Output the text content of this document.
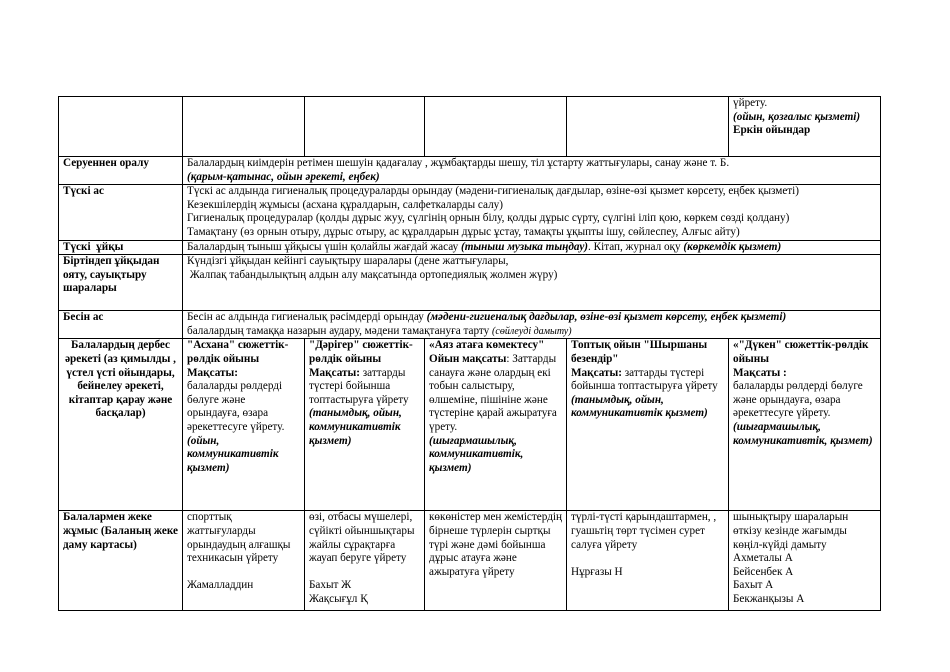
					үйрету.
(ойын, қозғалыс қызметі)
Еркін ойындар

Серуеннен оралу	Балалардың киімдерін ретімен шешуін қадағалау , жұмбақтарды шешу, тіл ұстарту жаттығулары, санау және т. Б.
(қарым-қатынас, ойын әрекеті, еңбек)				

Түскі ас	Түскі ас алдында гигиеналық процедураларды орындау (мәдени-гигиеналық дағдылар, өзіне-өзі қызмет көрсету, еңбек қызметі)
Кезекшілердің жұмысы (асхана құралдарын, салфеткаларды салу)
Гигиеналық процедуралар (қолды дұрыс жуу, сүлгінің орнын білу, қолды дұрыс сүрту, сүлгіні іліп қою, көркем сөзді қолдану)
Тамақтану (өз орнын отыру, дұрыс отыру, ас құралдарын дұрыс ұстау, тамақты ұқыпты ішу, сөйлеспеу, Алғыс айту)				

Түскі  ұйқы	Балалардың тыныш ұйқысы үшін қолайлы жағдай жасау (тыныш музыка тыңдау). Кітап, журнал оқу (көркемдік қызмет)				
Біртіндеп ұйқыдан ояту, сауықтыру шаралары	Күндізгі ұйқыдан кейінгі сауықтыру шаралары (дене жаттығулары,
Жалпақ табандылықтың алдын алу мақсатында ортопедиялық жолмен жүру)				

Бесін ас	Бесін ас алдында гигиеналық рәсімдерді орындау (мәдени-гигиеналық дағдылар, өзіне-өзі қызмет көрсету, еңбек қызметі)
балалардың тамаққа назарын аудару, мәдени тамақтануға тарту (сөйлеуді дамыту)				

Балалардың дербес әрекеті (аз қимылды , үстел үсті ойындары, бейнелеу әрекеті, кітаптар қарау және басқалар)	"Асхана" сюжеттік-рөлдік ойыны
Мақсаты:
балаларды рөлдерді бөлуге және орындауға, өзара әрекеттесуге үйрету.
(ойын, коммуникативтік қызмет)	"Дәрігер" сюжеттік-рөлдік ойыны
Мақсаты: заттарды түстері бойынша топтастыруға үйрету
(танымдық, ойын, коммуникативтік қызмет)	«Аяз атаға көмектесу"
Ойын мақсаты: Заттарды санауға және олардың екі тобын салыстыру, өлшеміне, пішініне және түстеріне қарай ажыратуға үрету.
(шығармашылық, коммуникативтік, қызмет)	Топтық ойын "Шыршаны безендір"
Мақсаты: заттарды түстері бойынша топтастыруға үйрету
(танымдық, ойын, коммуникативтік қызмет)	«"Дүкен" сюжеттік-рөлдік ойыны
Мақсаты :
балаларды рөлдерді бөлуге және орындауға, өзара әрекеттесуге үйрету.
(шығармашылық, коммуникативтік, қызмет)

Балалармен жеке жұмыс (Баланың жеке даму картасы)	спорттық жаттығуларды орындаудың алғашқы техникасын үйрету

Жамалладдин	өзі, отбасы мүшелері, сүйікті ойыншықтары жайлы сұрақтарға жауап беруге үйрету

Бахыт Ж
Жақсығұл Қ	көкөністер мен жемістердің бірнеше түрлерін сыртқы түрі және дәмі бойынша дұрыс атауға және ажыратуға үйрету	түрлі-түсті қарындаштармен, , гуашьтің төрт түсімен сурет салуға үйрету

Нұрғазы Н	шынықтыру шараларын өткізу кезінде жағымды көңіл-күйді дамыту
Ахметалы А
Бейсенбек А
Бахыт А
Бекжанқызы А
